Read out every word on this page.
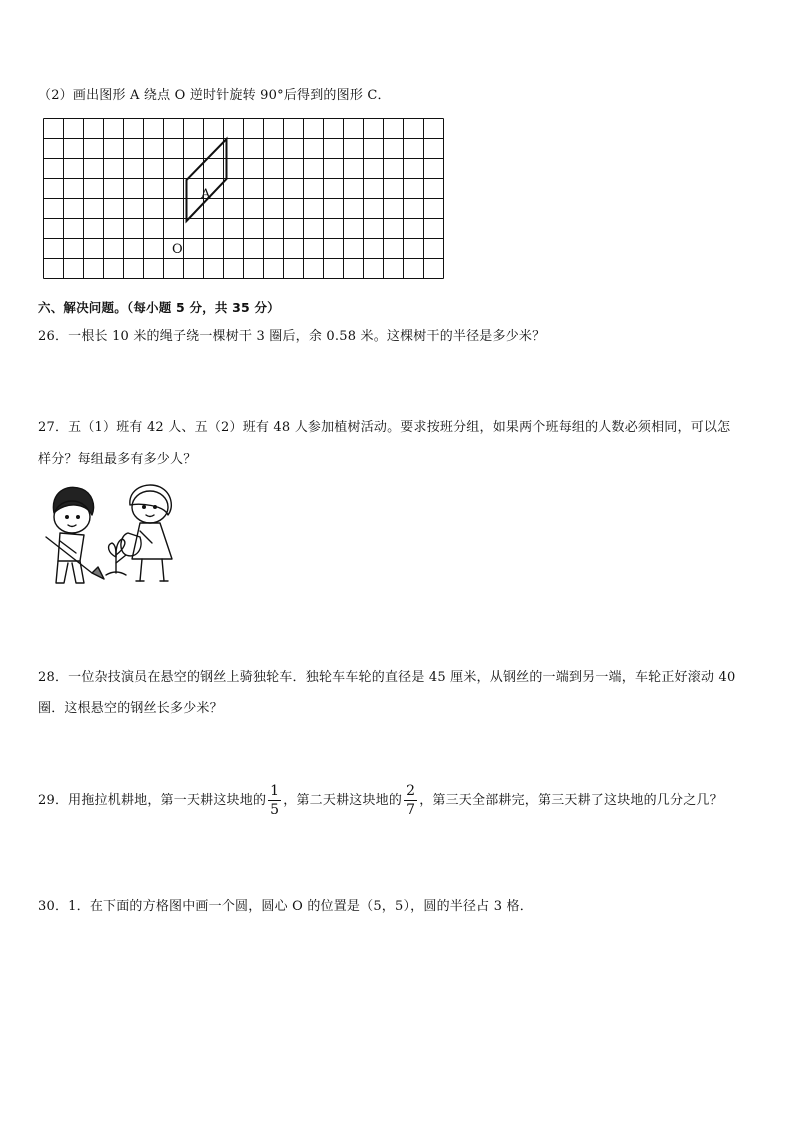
（2）画出图形 A 绕点 O 逆时针旋转 90°后得到的图形 C．
A
O
六、解决问题。（每小题 5 分，共 35 分）
26．一根长 10 米的绳子绕一棵树干 3 圈后，余 0.58 米。这棵树干的半径是多少米？
27．五（1）班有 42 人、五（2）班有 48 人参加植树活动。要求按班分组，如果两个班每组的人数必须相同，可以怎
样分？每组最多有多少人？
28．一位杂技演员在悬空的钢丝上骑独轮车．独轮车车轮的直径是 45 厘米，从钢丝的一端到另一端，车轮正好滚动 40
圈．这根悬空的钢丝长多少米？
29．用拖拉机耕地，第一天耕这块地的 $\frac{1}{5}$ ，第二天耕这块地的 $\frac{2}{7}$ ，第三天全部耕完，第三天耕了这块地的几分之几？
30．1．在下面的方格图中画一个圆，圆心 O 的位置是（5，5），圆的半径占 3 格．
